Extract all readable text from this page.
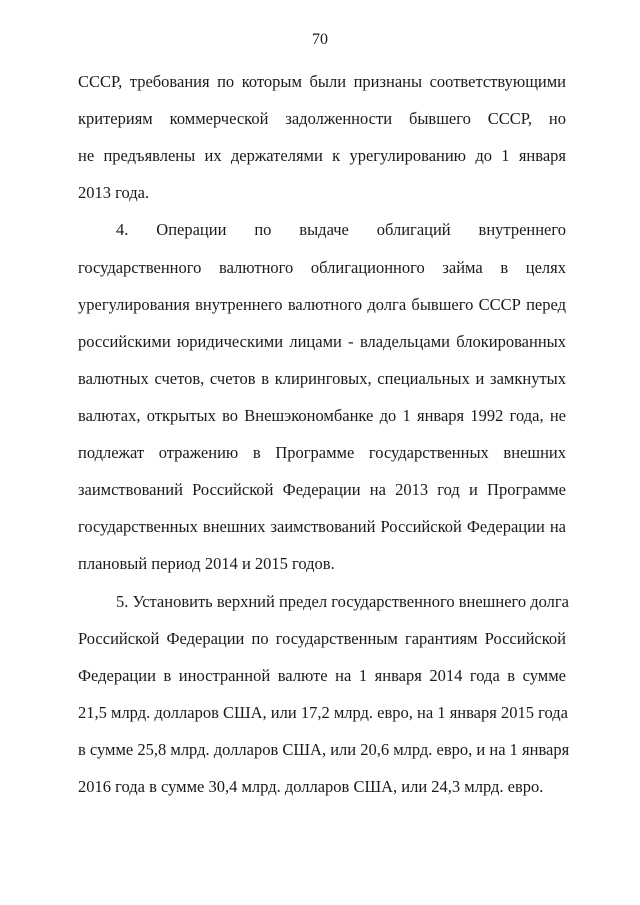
70
СССР, требования по которым были признаны соответствующими
критериям коммерческой задолженности бывшего СССР, но
не предъявлены их держателями к урегулированию до 1 января
2013 года.
4. Операции по выдаче облигаций внутреннего
государственного валютного облигационного займа в целях
урегулирования внутреннего валютного долга бывшего СССР перед
российскими юридическими лицами - владельцами блокированных
валютных счетов, счетов в клиринговых, специальных и замкнутых
валютах, открытых во Внешэкономбанке до 1 января 1992 года, не
подлежат отражению в Программе государственных внешних
заимствований Российской Федерации на 2013 год и Программе
государственных внешних заимствований Российской Федерации на
плановый период 2014 и 2015 годов.
5. Установить верхний предел государственного внешнего долга
Российской Федерации по государственным гарантиям Российской
Федерации в иностранной валюте на 1 января 2014 года в сумме
21,5 млрд. долларов США, или 17,2 млрд. евро, на 1 января 2015 года
в сумме 25,8 млрд. долларов США, или 20,6 млрд. евро, и на 1 января
2016 года в сумме 30,4 млрд. долларов США, или 24,3 млрд. евро.
